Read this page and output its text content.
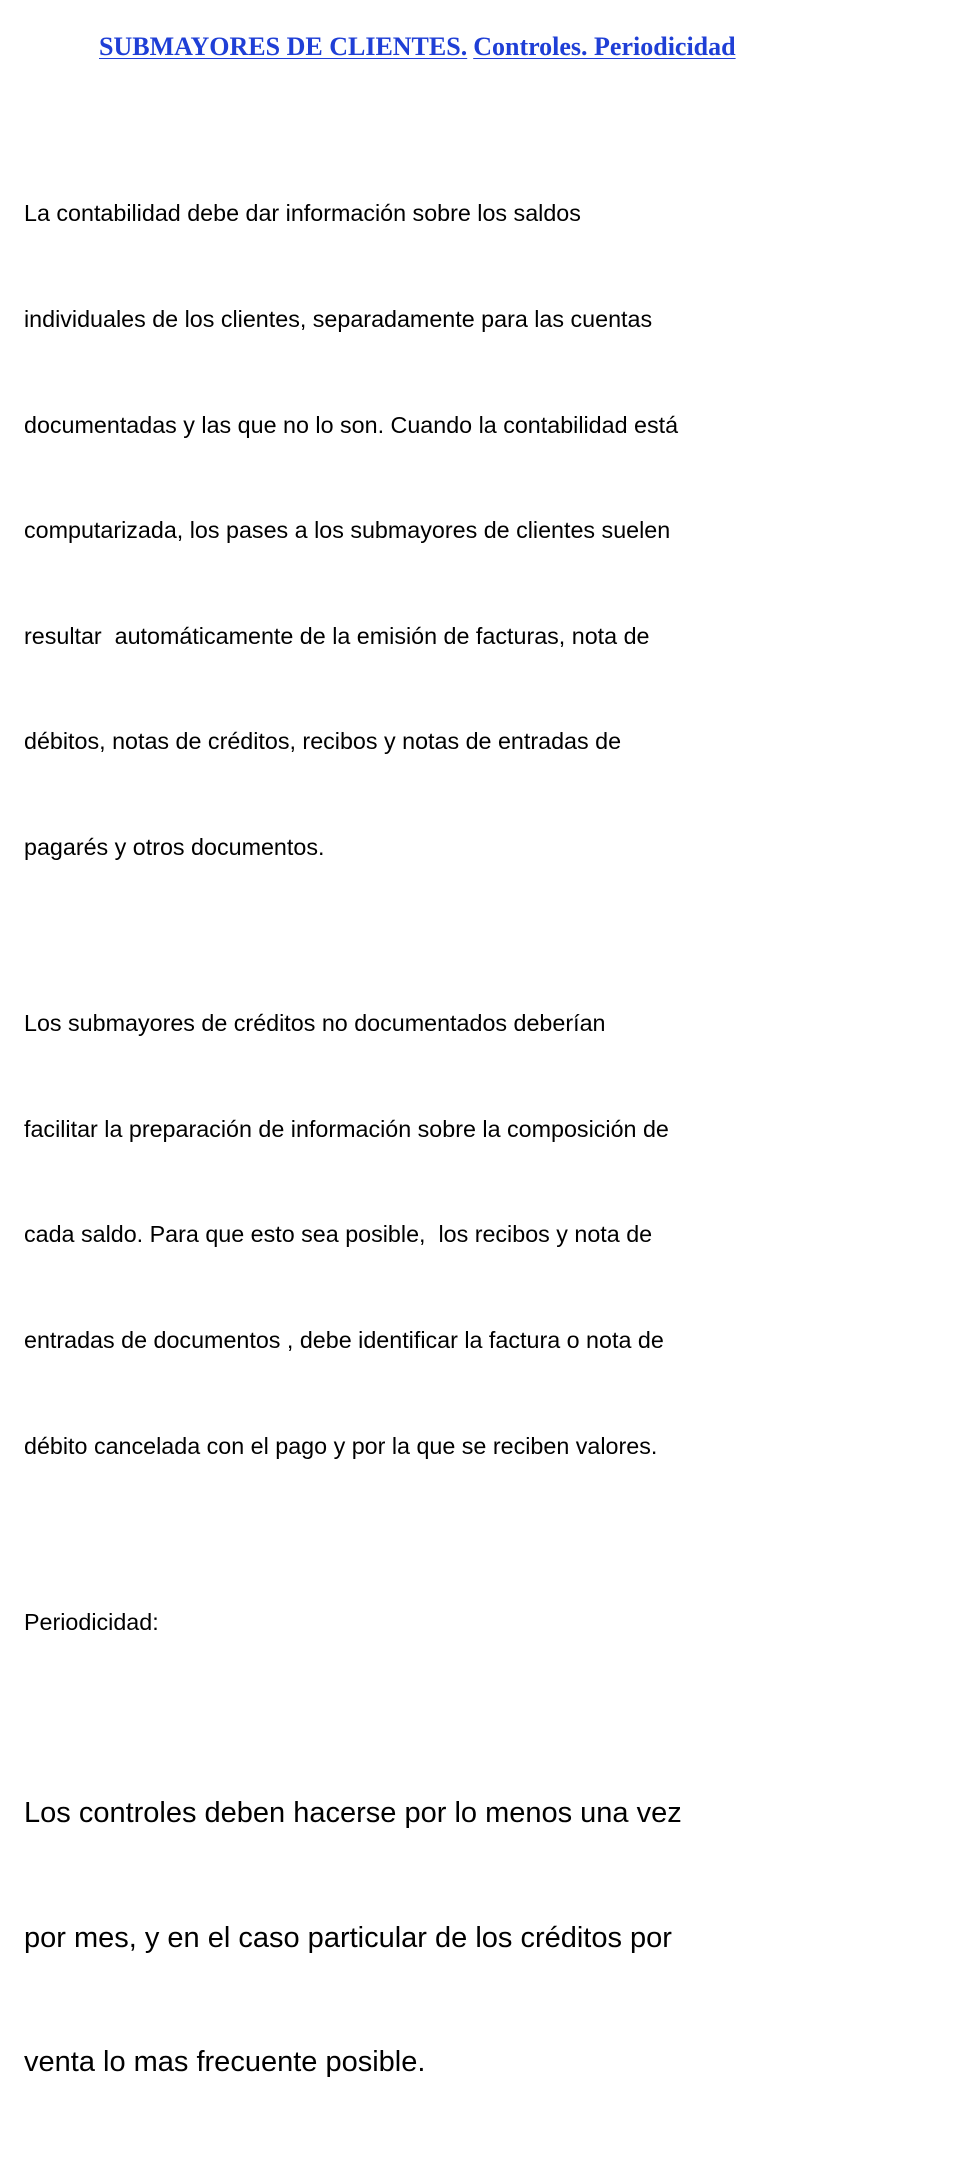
SUBMAYORES DE CLIENTES. Controles. Periodicidad

La contabilidad debe dar información sobre los saldos

individuales de los clientes, separadamente para las cuentas

documentadas y las que no lo son. Cuando la contabilidad está

computarizada, los pases a los submayores de clientes suelen

resultar  automáticamente de la emisión de facturas, nota de

débitos, notas de créditos, recibos y notas de entradas de

pagarés y otros documentos.

Los submayores de créditos no documentados deberían

facilitar la preparación de información sobre la composición de

cada saldo. Para que esto sea posible,  los recibos y nota de

entradas de documentos , debe identificar la factura o nota de

débito cancelada con el pago y por la que se reciben valores.

Periodicidad:

Los controles deben hacerse por lo menos una vez

por mes, y en el caso particular de los créditos por

venta lo mas frecuente posible.
